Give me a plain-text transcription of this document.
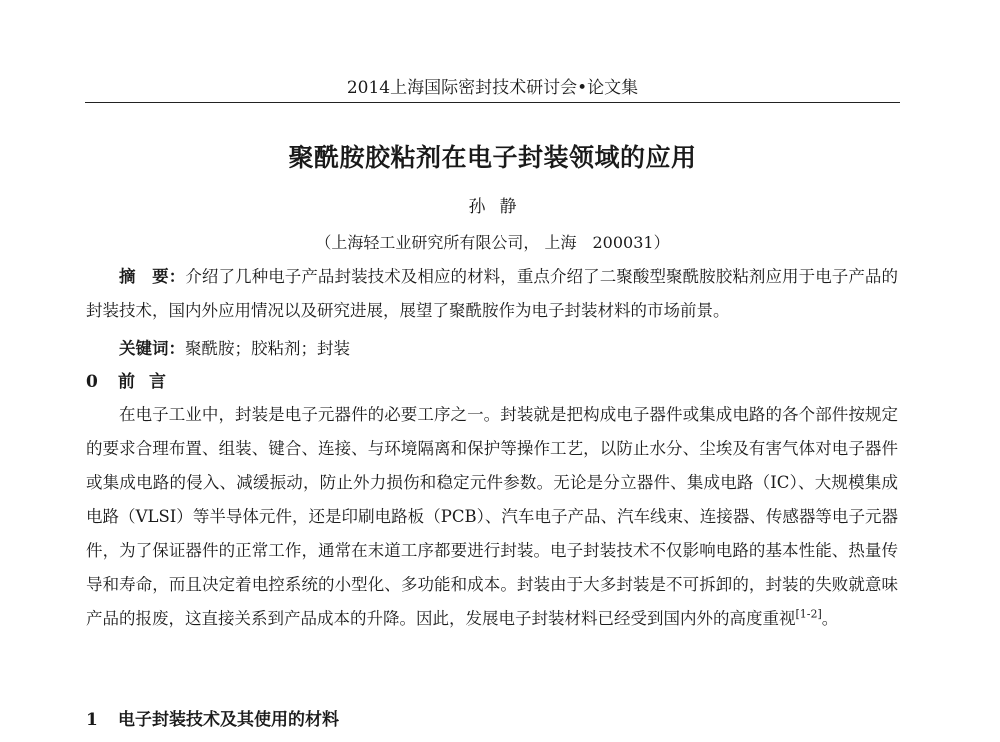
2014上海国际密封技术研讨会•论文集
聚酰胺胶粘剂在电子封装领域的应用
孙静
（上海轻工业研究所有限公司， 上海　200031）
摘　要：介绍了几种电子产品封装技术及相应的材料，重点介绍了二聚酸型聚酰胺胶粘剂应用于电子产品的封装技术，国内外应用情况以及研究进展，展望了聚酰胺作为电子封装材料的市场前景。
关键词：聚酰胺；胶粘剂；封装
0 前言
在电子工业中，封装是电子元器件的必要工序之一。封装就是把构成电子器件或集成电路的各个部件按规定的要求合理布置、组装、键合、连接、与环境隔离和保护等操作工艺，以防止水分、尘埃及有害气体对电子器件或集成电路的侵入、减缓振动，防止外力损伤和稳定元件参数。无论是分立器件、集成电路（IC）、大规模集成电路（VLSI）等半导体元件，还是印刷电路板（PCB）、汽车电子产品、汽车线束、连接器、传感器等电子元器件，为了保证器件的正常工作，通常在末道工序都要进行封装。电子封装技术不仅影响电路的基本性能、热量传导和寿命，而且决定着电控系统的小型化、多功能和成本。封装由于大多封装是不可拆卸的，封装的失败就意味产品的报废，这直接关系到产品成本的升降。因此，发展电子封装材料已经受到国内外的高度重视[1-2]。
1 电子封装技术及其使用的材料
